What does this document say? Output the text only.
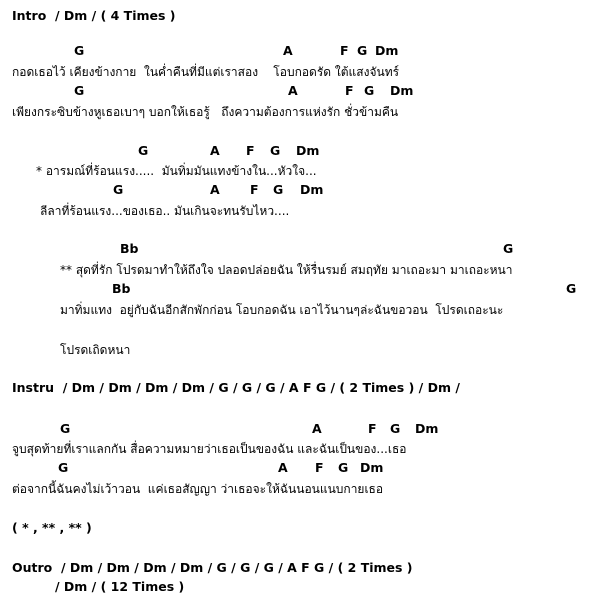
Intro  / Dm / ( 4 Times )
G	A	F G Dm
กอดเธอไว้ เคียงข้างกาย  ในค่ำคืนที่มีแต่เราสอง    โอบกอดรัด ใต้แสงจันทร์
G	A	F G Dm
เพียงกระซิบข้างหูเธอเบาๆ บอกให้เธอรู้   ถึงความต้องการแห่งรัก ชั่วข้ามคืน
G	A F G Dm
* อารมณ์ที่ร้อนแรง.....  มันทิ่มมันแทงข้างใน...หัวใจ...
G	A F G Dm
ลีลาที่ร้อนแรง...ของเธอ.. มันเกินจะทนรับไหว....
Bb	G
** สุดที่รัก โปรดมาทำให้ถึงใจ ปลอดปล่อยฉัน ให้รื่นรมย์ สมฤทัย มาเถอะมา มาเถอะหนา
Bb	G
มาทิ่มแทง  อยู่กับฉันอีกสักพักก่อน โอบกอดฉัน เอาไว้นานๆล่ะฉันขอวอน  โปรดเถอะนะ
โปรดเถิดหนา
Instru  / Dm / Dm / Dm / Dm / G / G / G / A F G / ( 2 Times ) / Dm /
G	A	F G Dm
จูบสุดท้ายที่เราแลกกัน สื่อความหมายว่าเธอเป็นของฉัน และฉันเป็นของ...เธอ
G	A F G Dm
ต่อจากนี้ฉันคงไม่เว้าวอน  แค่เธอสัญญา ว่าเธอจะให้ฉันนอนแนบกายเธอ
( * , ** , ** )
Outro  / Dm / Dm / Dm / Dm / G / G / G / A F G / ( 2 Times )
/ Dm / ( 12 Times )
